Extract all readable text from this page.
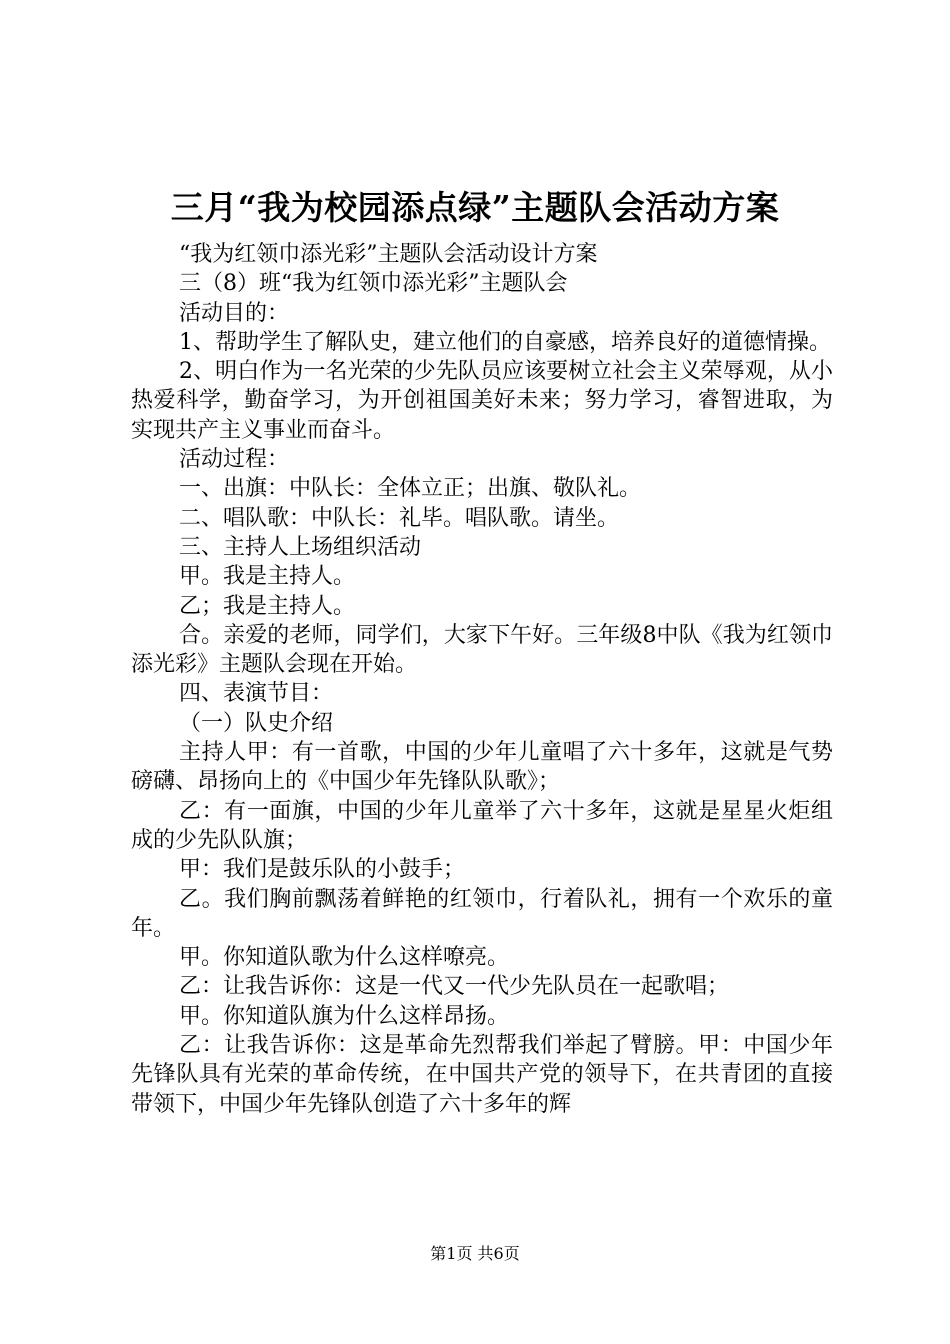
三月“我为校园添点绿”主题队会活动方案

“我为红领巾添光彩”主题队会活动设计方案

三（8）班“我为红领巾添光彩”主题队会

活动目的：

1、帮助学生了解队史，建立他们的自豪感，培养良好的道德情操。

2、明白作为一名光荣的少先队员应该要树立社会主义荣辱观，从小热爱科学，勤奋学习，为开创祖国美好未来；努力学习，睿智进取，为实现共产主义事业而奋斗。

活动过程：

一、出旗：中队长：全体立正；出旗、敬队礼。

二、唱队歌：中队长：礼毕。唱队歌。请坐。

三、主持人上场组织活动

甲。我是主持人。

乙；我是主持人。

合。亲爱的老师，同学们，大家下午好。三年级8中队《我为红领巾添光彩》主题队会现在开始。

四、表演节目：

（一）队史介绍

主持人甲：有一首歌，中国的少年儿童唱了六十多年，这就是气势磅礴、昂扬向上的《中国少年先锋队队歌》；

乙：有一面旗，中国的少年儿童举了六十多年，这就是星星火炬组成的少先队队旗；

甲：我们是鼓乐队的小鼓手；

乙。我们胸前飘荡着鲜艳的红领巾，行着队礼，拥有一个欢乐的童年。

甲。你知道队歌为什么这样嘹亮。

乙：让我告诉你：这是一代又一代少先队员在一起歌唱；

甲。你知道队旗为什么这样昂扬。

乙：让我告诉你：这是革命先烈帮我们举起了臂膀。甲：中国少年先锋队具有光荣的革命传统，在中国共产党的领导下，在共青团的直接带领下，中国少年先锋队创造了六十多年的辉

第1页 共6页
